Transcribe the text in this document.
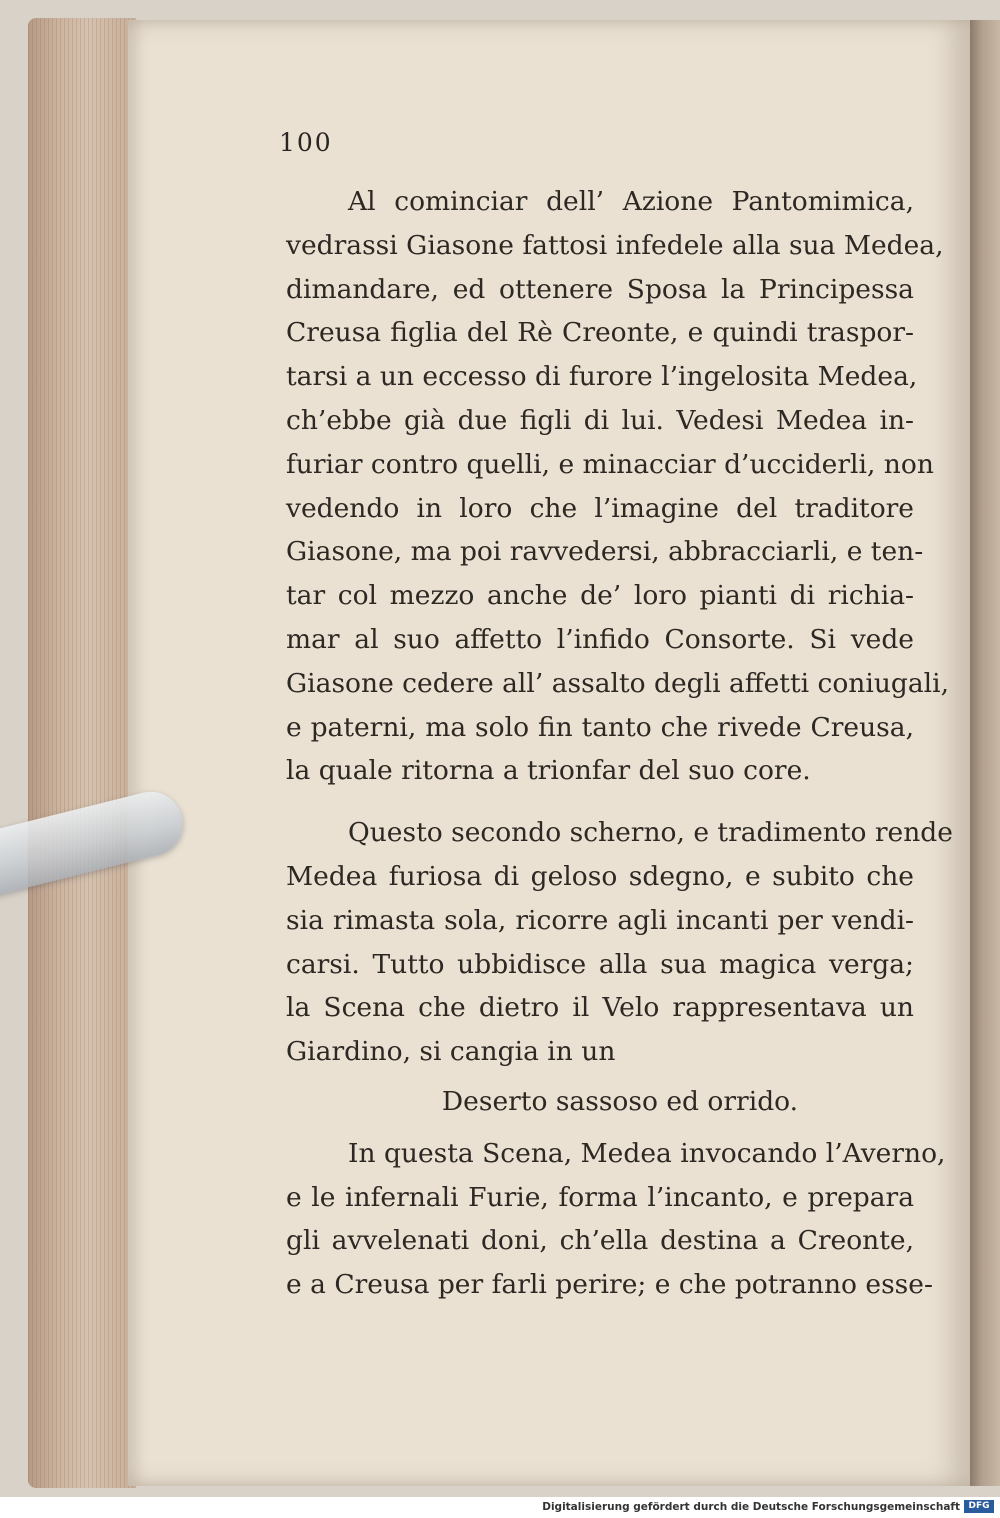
100
Al cominciar dell’ Azione Pantomimica,
vedrassi Giasone fattosi infedele alla sua Medea,
dimandare, ed ottenere Sposa la Principessa
Creusa figlia del Rè Creonte, e quindi traspor-
tarsi a un eccesso di furore l’ingelosita Medea,
ch’ebbe già due figli di lui. Vedesi Medea in-
furiar contro quelli, e minacciar d’ucciderli, non
vedendo in loro che l’imagine del traditore
Giasone, ma poi ravvedersi, abbracciarli, e ten-
tar col mezzo anche de’ loro pianti di richia-
mar al suo affetto l’infido Consorte. Si vede
Giasone cedere all’ assalto degli affetti coniugali,
e paterni, ma solo fin tanto che rivede Creusa,
la quale ritorna a trionfar del suo core.
Questo secondo scherno, e tradimento rende
Medea furiosa di geloso sdegno, e subito che
sia rimasta sola, ricorre agli incanti per vendi-
carsi. Tutto ubbidisce alla sua magica verga;
la Scena che dietro il Velo rappresentava un
Giardino, si cangia in un
Deserto sassoso ed orrido.
In questa Scena, Medea invocando l’Averno,
e le infernali Furie, forma l’incanto, e prepara
gli avvelenati doni, ch’ella destina a Creonte,
e a Creusa per farli perire; e che potranno esse-
Digitalisierung gefördert durch die Deutsche Forschungsgemeinschaft DFG
